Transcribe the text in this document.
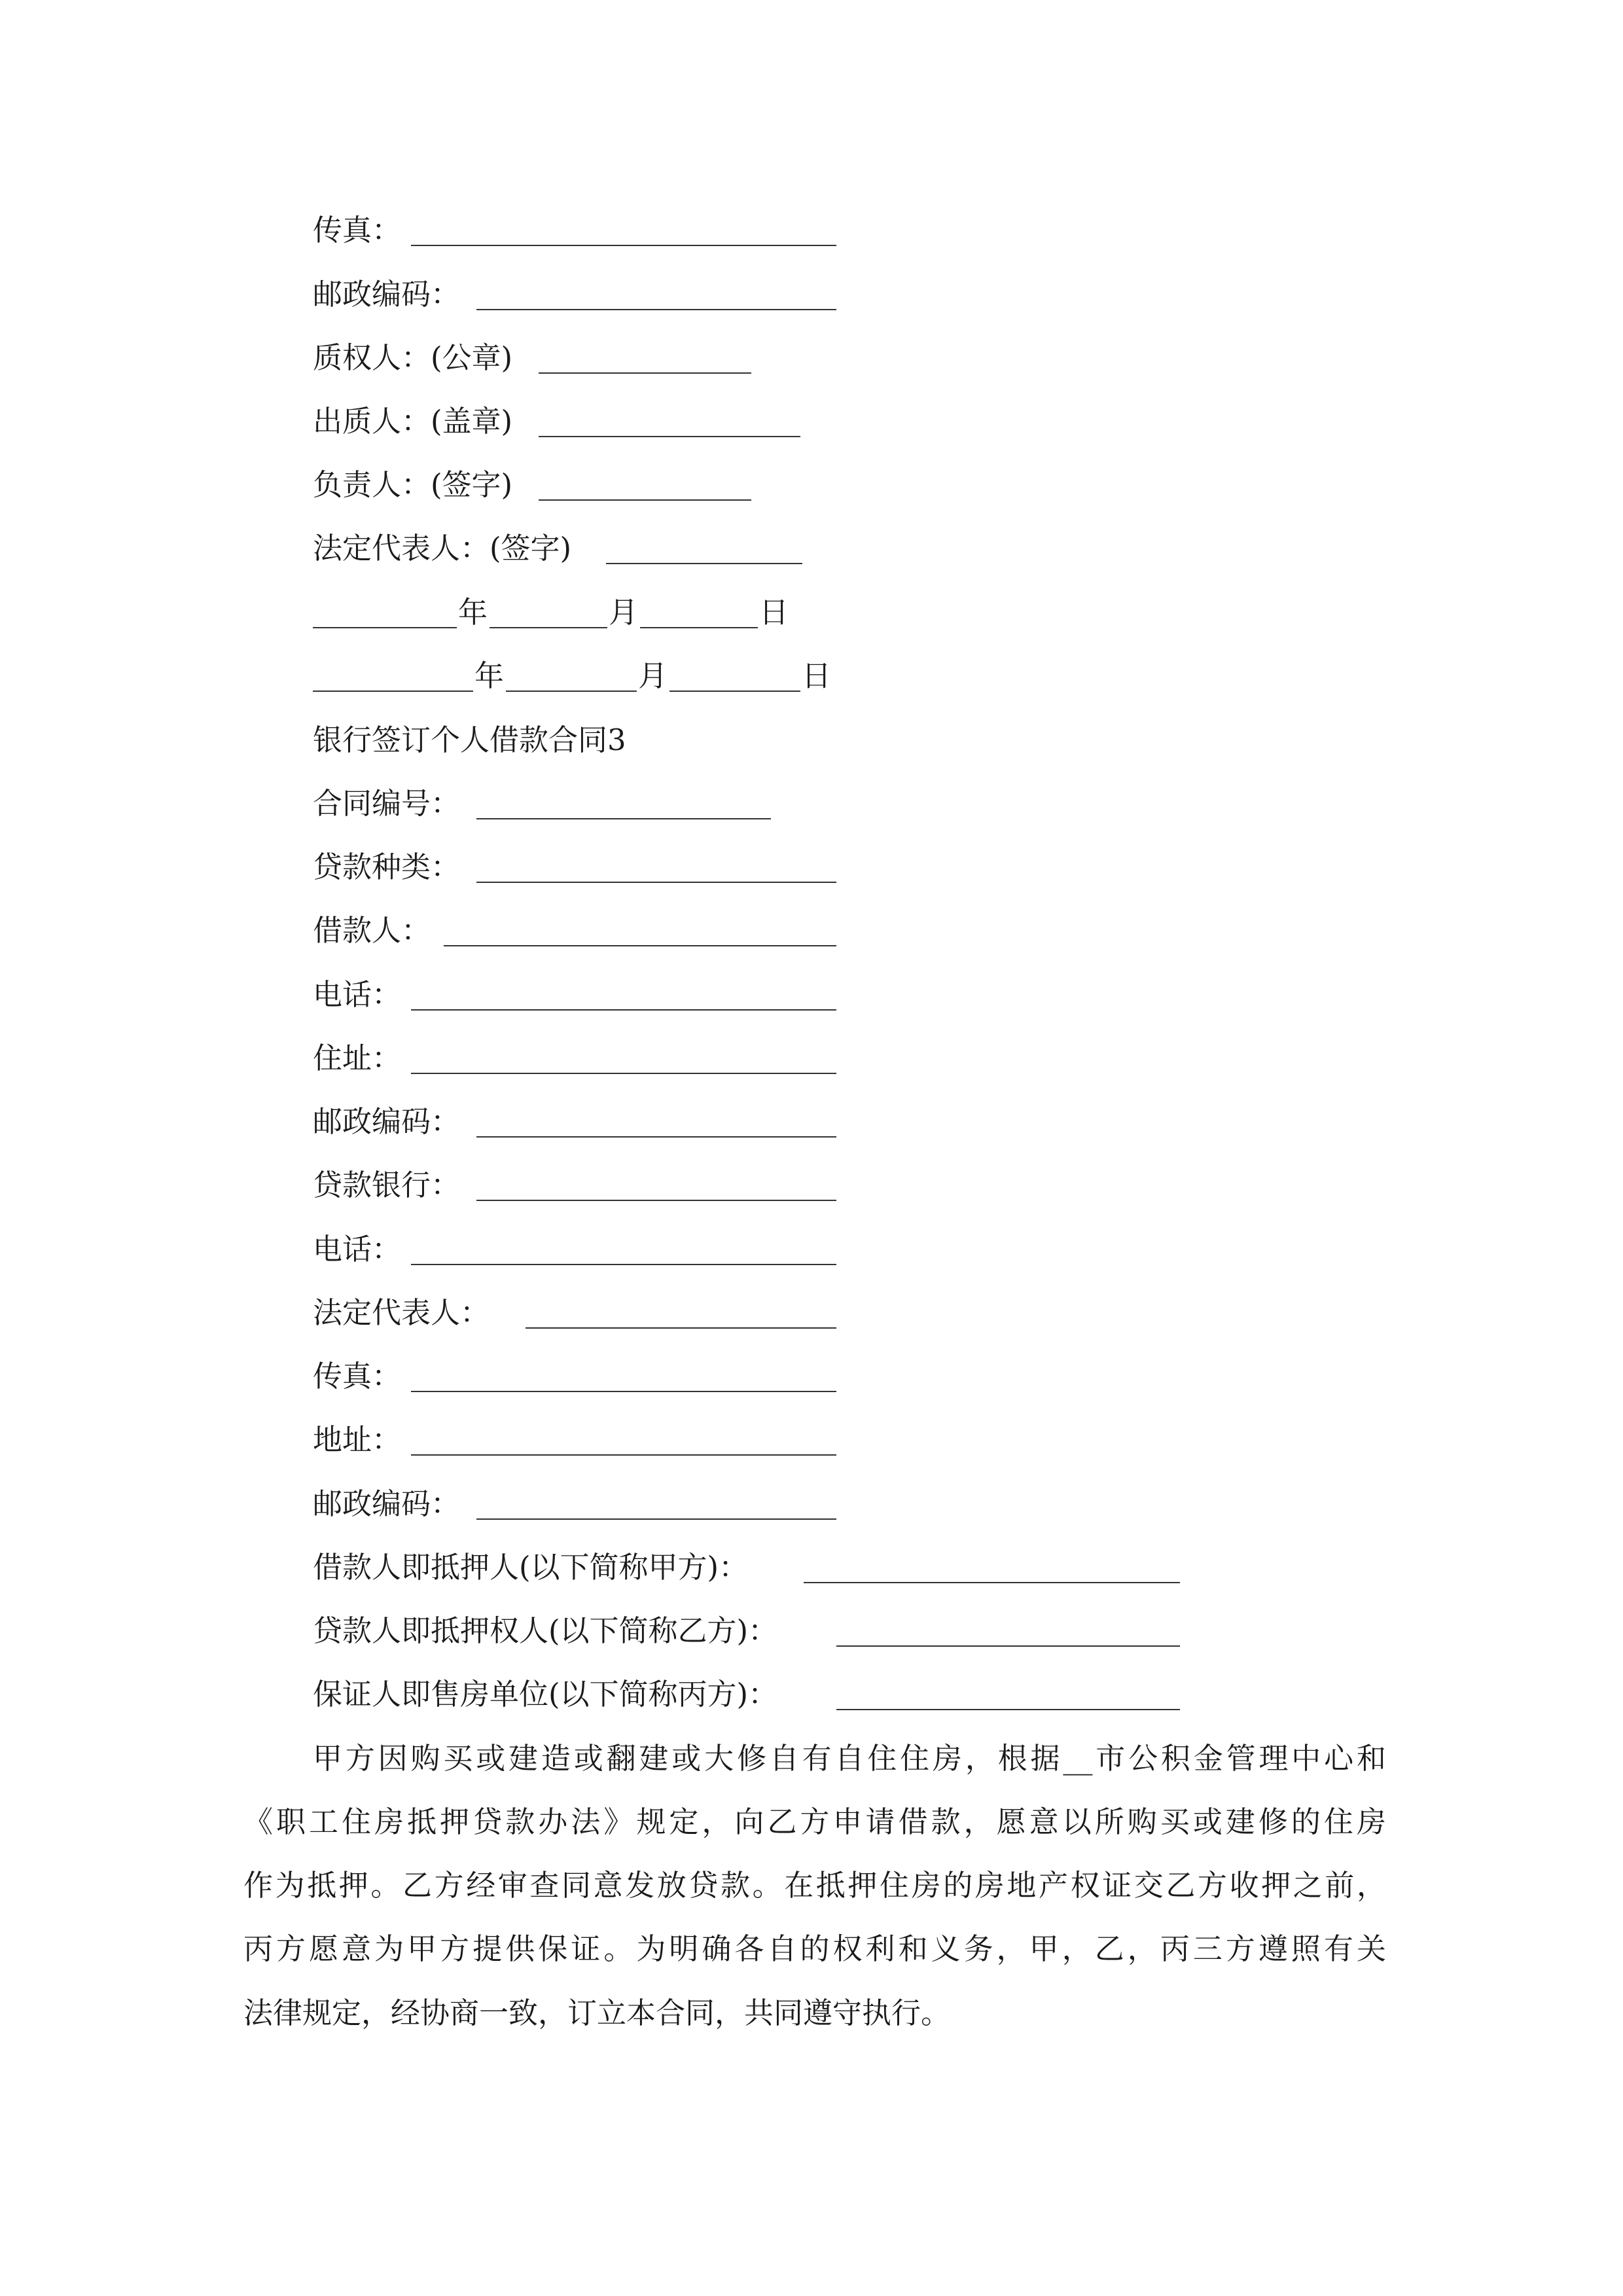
传真：
邮政编码：
质权人：(公章)
出质人：(盖章)
负责人：(签字)
法定代表人：(签字)
年	月	日
年	月	日
银行签订个人借款合同3
合同编号：
贷款种类：
借款人：
电话：
住址：
邮政编码：
贷款银行：
电话：
法定代表人：
传真：
地址：
邮政编码：
借款人即抵押人(以下简称甲方)：
贷款人即抵押权人(以下简称乙方)：
保证人即售房单位(以下简称丙方)：
甲方因购买或建造或翻建或大修自有自住住房，根据__市公积金管理中心和
《职工住房抵押贷款办法》规定，向乙方申请借款，愿意以所购买或建修的住房
作为抵押。乙方经审查同意发放贷款。在抵押住房的房地产权证交乙方收押之前，
丙方愿意为甲方提供保证。为明确各自的权利和义务，甲，乙，丙三方遵照有关
法律规定，经协商一致，订立本合同，共同遵守执行。
